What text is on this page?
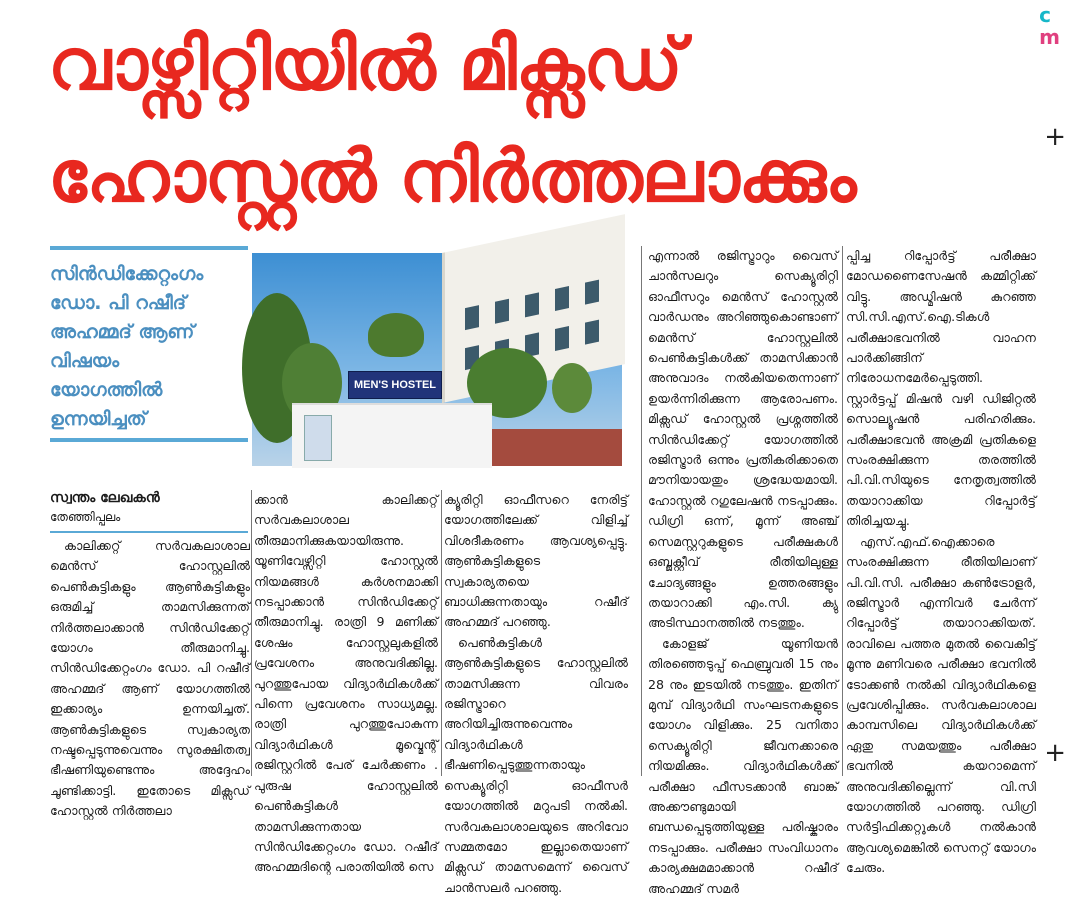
വാഴ്സിറ്റിയിൽ മിക്സഡ്
ഹോസ്റ്റൽ നിർത്തലാക്കും
c
m
+
+
സിൻഡിക്കേറ്റംഗം
ഡോ. പി റഷീദ്
അഹമ്മദ് ആണ്
വിഷയം
യോഗത്തിൽ
ഉന്നയിച്ചത്
MEN'S HOSTEL
സ്വന്തം ലേഖകൻ
തേഞ്ഞിപ്പലം

കാലിക്കറ്റ് സർവകലാശാല മെൻസ് ഹോസ്റ്റലിൽ പെൺകുട്ടികളും ആൺകുട്ടികളും ഒരുമിച്ച് താമസിക്കുന്നത് നിർത്തലാക്കാൻ സിൻഡിക്കേറ്റ് യോഗം തീരുമാനിച്ചു. സിൻഡിക്കേറ്റംഗം ഡോ. പി റഷീദ് അഹമ്മദ് ആണ് യോഗത്തിൽ ഇക്കാര്യം ഉന്നയിച്ചത്. ആൺകുട്ടികളുടെ സ്വകാര്യത നഷ്ടപ്പെടുന്നുവെന്നും സുരക്ഷിതത്വ ഭീഷണിയുണ്ടെന്നും അദ്ദേഹം ചൂണ്ടിക്കാട്ടി. ഇതോടെ മിക്സഡ് ഹോസ്റ്റൽ നിർത്തലാ

ക്കാൻ കാലിക്കറ്റ് സർവകലാശാല തീരുമാനിക്കുകയായിരുന്നു. യൂണിവേഴ്സിറ്റി ഹോസ്റ്റൽ നിയമങ്ങൾ കർശനമാക്കി നടപ്പാക്കാൻ സിൻഡിക്കേറ്റ് തീരുമാനിച്ചു. രാത്രി 9 മണിക്ക് ശേഷം ഹോസ്റ്റലുകളിൽ പ്രവേശനം അനുവദിക്കില്ല. പുറത്തുപോയ വിദ്യാർഥികൾക്ക് പിന്നെ പ്രവേശനം സാധ്യമല്ല. രാത്രി പുറത്തുപോകുന്ന വിദ്യാർഥികൾ മൂവ്മെന്റ് രജിസ്റ്ററിൽ പേര് ചേർക്കണം . പുരുഷ ഹോസ്റ്റലിൽ പെൺകുട്ടികൾ താമസിക്കുന്നതായ സിൻഡിക്കേറ്റംഗം ഡോ. റഷീദ് അഹമ്മദിന്റെ പരാതിയിൽ സെ

ക്യൂരിറ്റി ഓഫീസറെ നേരിട്ട് യോഗത്തിലേക്ക് വിളിച്ച് വിശദീകരണം ആവശ്യപ്പെട്ടു. ആൺകുട്ടികളുടെ സ്വകാര്യതയെ ബാധിക്കുന്നതായും റഷീദ് അഹമ്മദ് പറഞ്ഞു.

പെൺകുട്ടികൾ ആൺകുട്ടികളുടെ ഹോസ്റ്റലിൽ താമസിക്കുന്ന വിവരം രജിസ്ട്രാറെ അറിയിച്ചിരുന്നുവെന്നും വിദ്യാർഥികൾ ഭീഷണിപ്പെടുത്തുന്നതായും സെക്യൂരിറ്റി ഓഫീസർ യോഗത്തിൽ മറുപടി നൽകി. സർവകലാശാലയുടെ അറിവോ സമ്മതമോ ഇല്ലാതെയാണ് മിക്സഡ് താമസമെന്ന് വൈസ് ചാൻസലർ പറഞ്ഞു.

എന്നാൽ രജിസ്ട്രാറും വൈസ് ചാൻസലറും സെക്യൂരിറ്റി ഓഫീസറും മെൻസ് ഹോസ്റ്റൽ വാർഡനും അറിഞ്ഞുകൊണ്ടാണ് മെൻസ് ഹോസ്റ്റലിൽ പെൺകുട്ടികൾക്ക് താമസിക്കാൻ അനുവാദം നൽകിയതെന്നാണ് ഉയർന്നിരിക്കുന്ന ആരോപണം. മിക്സഡ് ഹോസ്റ്റൽ പ്രശ്നത്തിൽ സിൻഡിക്കേറ്റ് യോഗത്തിൽ രജിസ്ട്രാർ ഒന്നും പ്രതികരിക്കാതെ മൗനിയായതും ശ്രദ്ധേയമായി. ഹോസ്റ്റൽ റഗുലേഷൻ നടപ്പാക്കും. ഡിഗ്രി ഒന്ന്, മൂന്ന് അഞ്ച് സെമസ്റ്ററുകളുടെ പരീക്ഷകൾ ഒബ്ജക്റ്റീവ് രീതിയിലുള്ള ചോദ്യങ്ങളും ഉത്തരങ്ങളും തയാറാക്കി എം.സി. ക്യു അടിസ്ഥാനത്തിൽ നടത്തും.

കോളജ് യൂണിയൻ തിരഞ്ഞെടുപ്പ് ഫെബ്രുവരി 15 നും 28 നും ഇടയിൽ നടത്തും. ഇതിന് മുമ്പ് വിദ്യാർഥി സംഘടനകളുടെ യോഗം വിളിക്കും. 25 വനിതാ സെക്യൂരിറ്റി ജീവനക്കാരെ നിയമിക്കും. വിദ്യാർഥികൾക്ക് പരീക്ഷാ ഫീസടക്കാൻ ബാങ്ക് അക്കൗണ്ടുമായി ബന്ധപ്പെടുത്തിയുള്ള പരിഷ്കാരം നടപ്പാക്കും. പരീക്ഷാ സംവിധാനം കാര്യക്ഷമമാക്കാൻ റഷീദ് അഹമ്മദ് സമർ

പ്പിച്ച റിപ്പോർട്ട് പരീക്ഷാ മോഡണൈസേഷൻ കമ്മിറ്റിക്ക് വിട്ടു. അഡ്മിഷൻ കുറഞ്ഞ സി.സി.എസ്.ഐ.ടികൾ പരീക്ഷാഭവനിൽ വാഹന പാർക്കിങ്ങിന് നിരോധനമേർപ്പെടുത്തി. സ്റ്റാർട്ടപ്പ് മിഷൻ വഴി ഡിജിറ്റൽ സൊല്യൂഷൻ പരിഹരിക്കും. പരീക്ഷാഭവൻ അക്രമി പ്രതികളെ സംരക്ഷിക്കുന്ന തരത്തിൽ പി.വി.സിയുടെ നേതൃത്വത്തിൽ തയാറാക്കിയ റിപ്പോർട്ട് തിരിച്ചയച്ചു.

എസ്.എഫ്.ഐക്കാരെ സംരക്ഷിക്കുന്ന രീതിയിലാണ് പി.വി.സി. പരീക്ഷാ കൺട്രോളർ, രജിസ്ട്രാർ എന്നിവർ ചേർന്ന് റിപ്പോർട്ട് തയാറാക്കിയത്. രാവിലെ പത്തര മുതൽ വൈകിട്ട് മൂന്നു മണിവരെ പരീക്ഷാ ഭവനിൽ ടോക്കൺ നൽകി വിദ്യാർഥികളെ പ്രവേശിപ്പിക്കും. സർവകലാശാല കാമ്പസിലെ വിദ്യാർഥികൾക്ക് ഏതു സമയത്തും പരീക്ഷാ ഭവനിൽ കയറാമെന്ന് അനുവദിക്കില്ലെന്ന് വി.സി യോഗത്തിൽ പറഞ്ഞു. ഡിഗ്രി സർട്ടിഫിക്കറ്റുകൾ നൽകാൻ ആവശ്യമെങ്കിൽ സെനറ്റ് യോഗം ചേരും.
